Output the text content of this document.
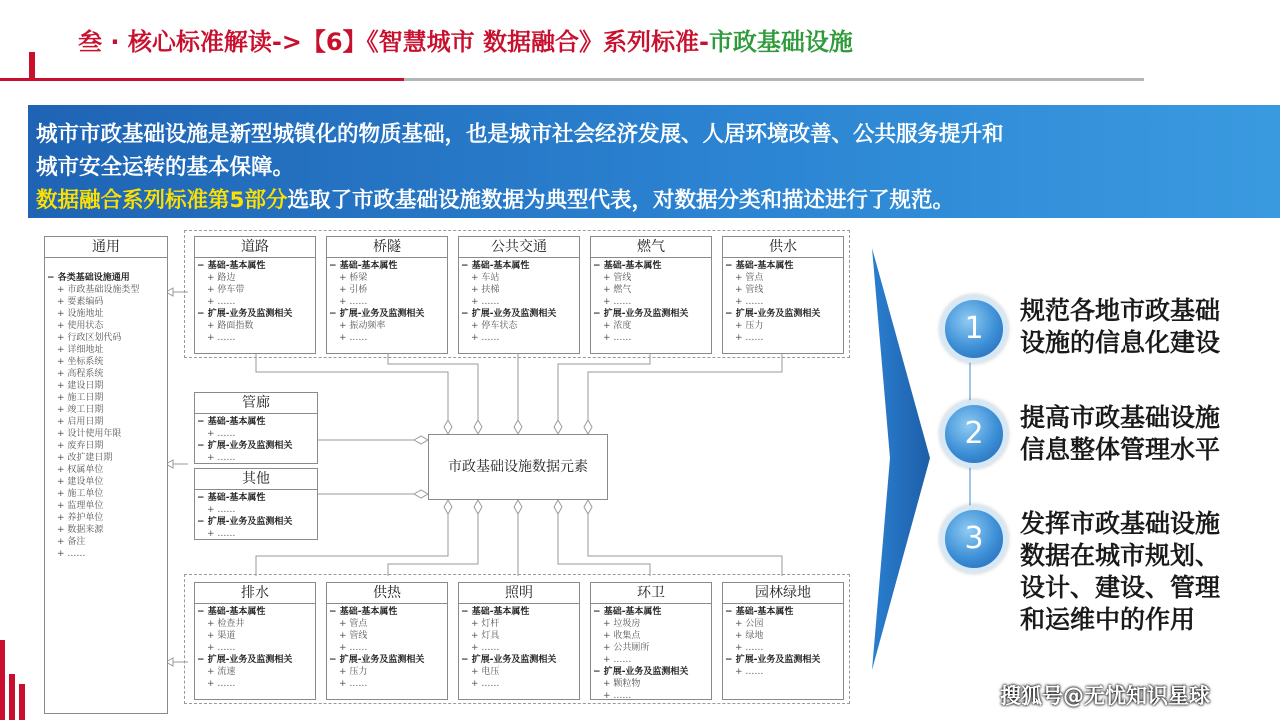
叁 · 核心标准解读->【6】《智慧城市 数据融合》系列标准-市政基础设施
城市市政基础设施是新型城镇化的物质基础，也是城市社会经济发展、人居环境改善、公共服务提升和
城市安全运转的基本保障。
数据融合系列标准第5部分选取了市政基础设施数据为典型代表，对数据分类和描述进行了规范。
通用
− 各类基础设施通用
+ 市政基础设施类型
+ 要素编码
+ 设施地址
+ 使用状态
+ 行政区划代码
+ 详细地址
+ 坐标系统
+ 高程系统
+ 建设日期
+ 施工日期
+ 竣工日期
+ 启用日期
+ 设计使用年限
+ 废弃日期
+ 改扩建日期
+ 权属单位
+ 建设单位
+ 施工单位
+ 监理单位
+ 养护单位
+ 数据来源
+ 备注
+ ……
道路
− 基础-基本属性
+ 路边
+ 停车带
+ ……
− 扩展-业务及监测相关
+ 路面指数
+ ……
桥隧
− 基础-基本属性
+ 桥梁
+ 引桥
+ ……
− 扩展-业务及监测相关
+ 振动频率
+ ……
公共交通
− 基础-基本属性
+ 车站
+ 扶梯
+ ……
− 扩展-业务及监测相关
+ 停车状态
+ ……
燃气
− 基础-基本属性
+ 管线
+ 燃气
+ ……
− 扩展-业务及监测相关
+ 浓度
+ ……
供水
− 基础-基本属性
+ 管点
+ 管线
+ ……
− 扩展-业务及监测相关
+ 压力
+ ……
管廊
− 基础-基本属性
+ ……
− 扩展-业务及监测相关
+ ……
其他
− 基础-基本属性
+ ……
− 扩展-业务及监测相关
+ ……
排水
− 基础-基本属性
+ 检查井
+ 渠道
+ ……
− 扩展-业务及监测相关
+ 流速
+ ……
供热
− 基础-基本属性
+ 管点
+ 管线
+ ……
− 扩展-业务及监测相关
+ 压力
+ ……
照明
− 基础-基本属性
+ 灯杆
+ 灯具
+ ……
− 扩展-业务及监测相关
+ 电压
+ ……
环卫
− 基础-基本属性
+ 垃圾房
+ 收集点
+ 公共厕所
+ ……
− 扩展-业务及监测相关
+ 颗粒物
+ ……
园林绿地
− 基础-基本属性
+ 公园
+ 绿地
+ ……
− 扩展-业务及监测相关
+ ……
市政基础设施数据元素
1
规范各地市政基础
设施的信息化建设
2	提高市政基础设施
信息整体管理水平
3	发挥市政基础设施
数据在城市规划、
设计、建设、管理
和运维中的作用
搜狐号@无忧知识星球
